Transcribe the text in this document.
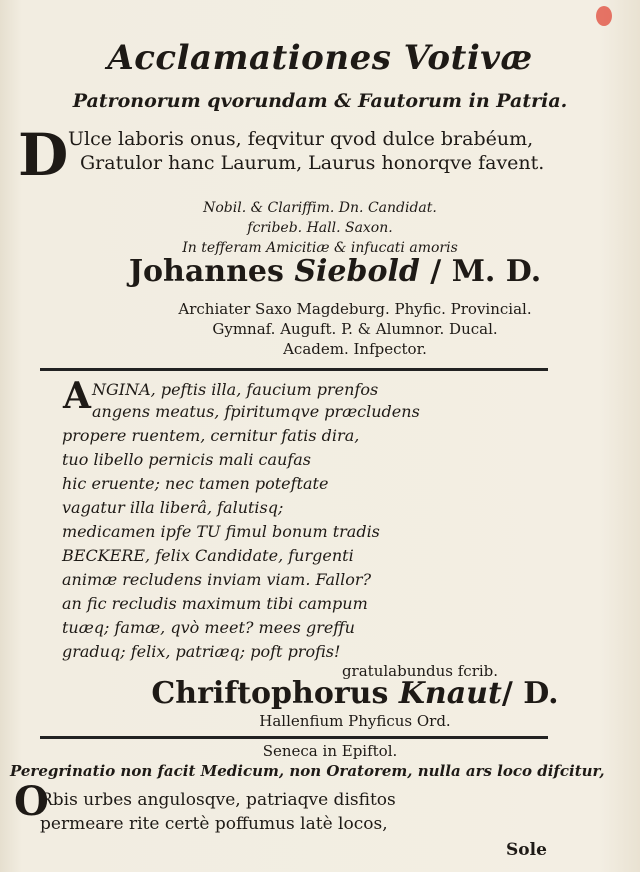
Acclamationes Votivæ
Patronorum qvorundam & Fautorum in Patria.
D Ulce laboris onus, feqvitur qvod dulce brabéum,
Gratulor hanc Laurum, Laurus honorqve favent.
Nobil. & Clariffim. Dn. Candidat.
fcribeb. Hall. Saxon.
In tefferam Amicitiæ & infucati amoris
Johannes Siebold / M. D.
Archiater Saxo Magdeburg. Phyfic. Provincial.
Gymnaf. Auguft. P. & Alumnor. Ducal.
Academ. Infpector.
A NGINA, peftis illa, faucium prenfos
angens meatus, fpiritumqve præcludens
propere ruentem, cernitur fatis dira,
tuo libello pernicis mali caufas
hic eruente; nec tamen poteftate
vagatur illa liberâ, falutisq;
medicamen ipfe TU fimul bonum tradis
BECKERE, felix Candidate, furgenti
animæ recludens inviam viam. Fallor?
an fic recludis maximum tibi campum
tuæq; famæ, qvò meet? mees greffu
graduq; felix, patriæq; poft profis!
gratulabundus fcrib.
Chriftophorus Knaut/ D.
Hallenfium Phyficus Ord.
Seneca in Epiftol.
Peregrinatio non facit Medicum, non Oratorem, nulla ars loco difcitur,
O
Rbis urbes angulosqve, patriaqve disfitos
permeare rite certè poffumus latè locos,
Sole
